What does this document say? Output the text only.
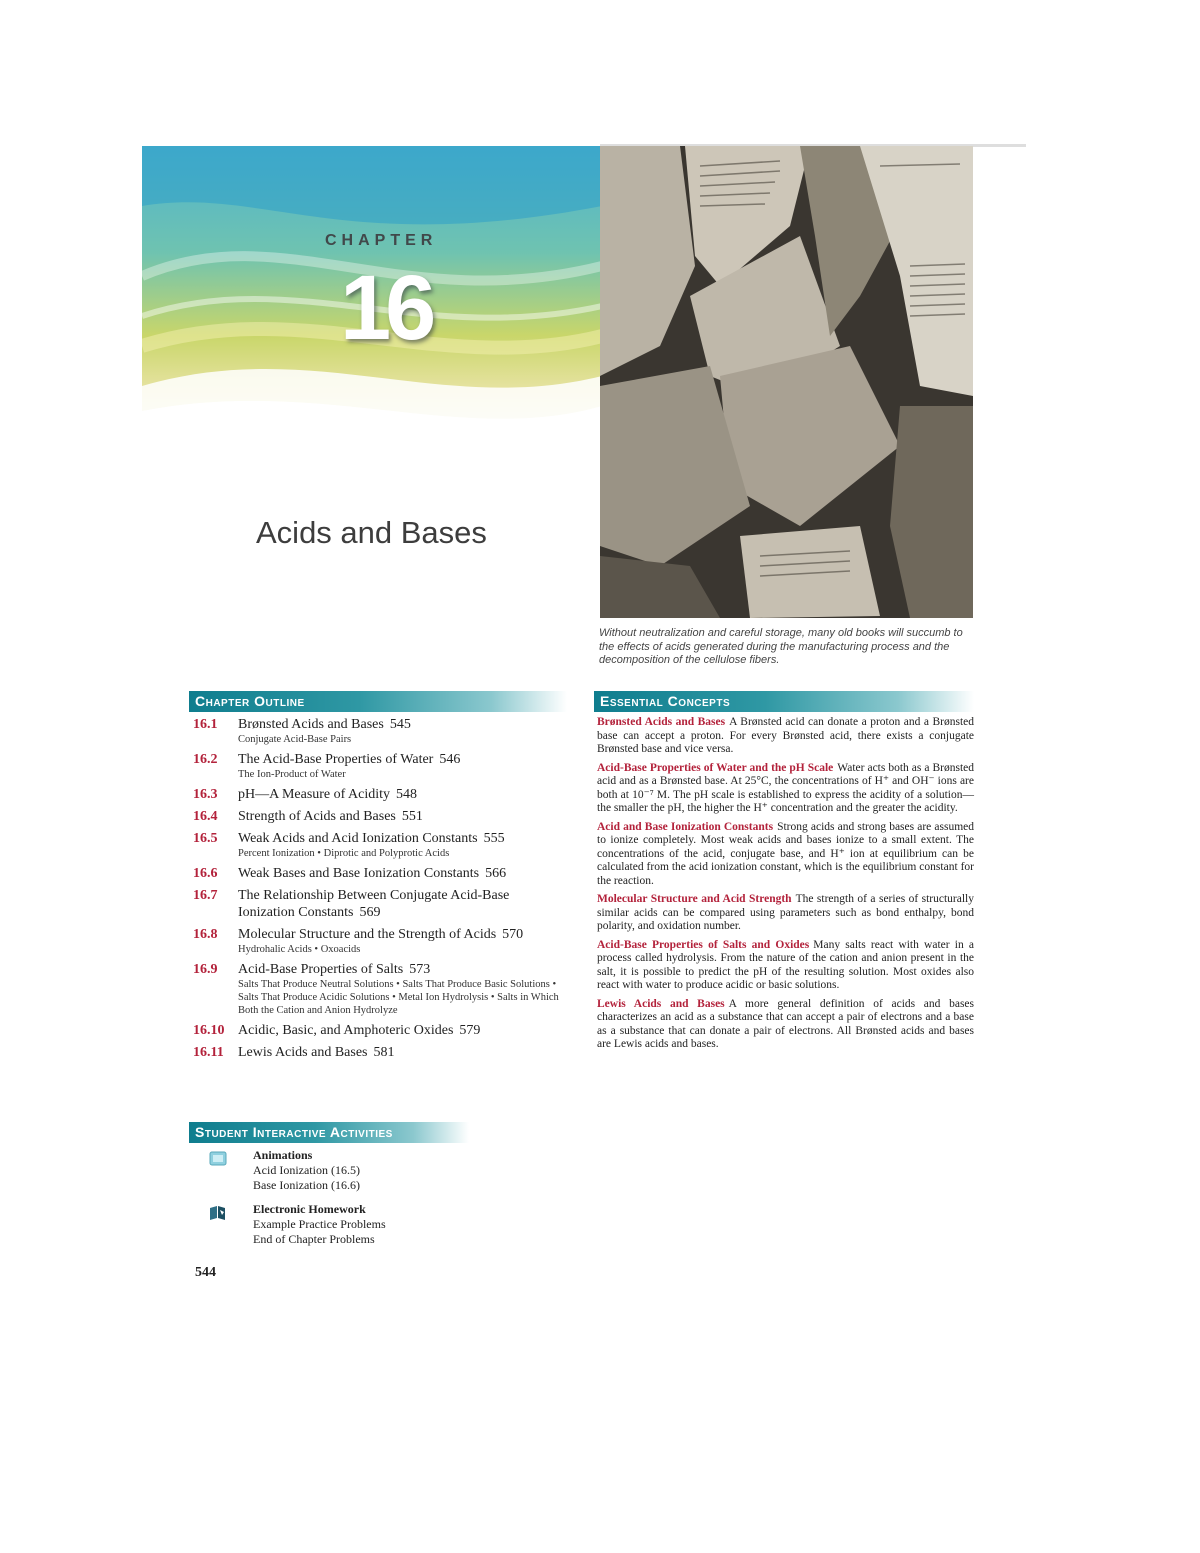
CHAPTER
16
Acids and Bases
Without neutralization and careful storage, many old books will succumb to the effects of acids generated during the manufacturing process and the decomposition of the cellulose fibers.
Chapter Outline
16.1 Brønsted Acids and Bases 545
Conjugate Acid-Base Pairs
16.2 The Acid-Base Properties of Water 546
The Ion-Product of Water
16.3 pH—A Measure of Acidity 548
16.4 Strength of Acids and Bases 551
16.5 Weak Acids and Acid Ionization Constants 555
Percent Ionization • Diprotic and Polyprotic Acids
16.6 Weak Bases and Base Ionization Constants 566
16.7 The Relationship Between Conjugate Acid-Base Ionization Constants 569
16.8 Molecular Structure and the Strength of Acids 570
Hydrohalic Acids • Oxoacids
16.9 Acid-Base Properties of Salts 573
Salts That Produce Neutral Solutions • Salts That Produce Basic Solutions • Salts That Produce Acidic Solutions • Metal Ion Hydrolysis • Salts in Which Both the Cation and Anion Hydrolyze
16.10 Acidic, Basic, and Amphoteric Oxides 579
16.11 Lewis Acids and Bases 581
Student Interactive Activities
Animations
Acid Ionization (16.5)
Base Ionization (16.6)
Electronic Homework
Example Practice Problems
End of Chapter Problems
544
Essential Concepts
Brønsted Acids and Bases A Brønsted acid can donate a proton and a Brønsted base can accept a proton. For every Brønsted acid, there exists a conjugate Brønsted base and vice versa.
Acid-Base Properties of Water and the pH Scale Water acts both as a Brønsted acid and as a Brønsted base. At 25°C, the concentrations of H⁺ and OH⁻ ions are both at 10⁻⁷ M. The pH scale is established to express the acidity of a solution—the smaller the pH, the higher the H⁺ concentration and the greater the acidity.
Acid and Base Ionization Constants Strong acids and strong bases are assumed to ionize completely. Most weak acids and bases ionize to a small extent. The concentrations of the acid, conjugate base, and H⁺ ion at equilibrium can be calculated from the acid ionization constant, which is the equilibrium constant for the reaction.
Molecular Structure and Acid Strength The strength of a series of structurally similar acids can be compared using parameters such as bond enthalpy, bond polarity, and oxidation number.
Acid-Base Properties of Salts and Oxides Many salts react with water in a process called hydrolysis. From the nature of the cation and anion present in the salt, it is possible to predict the pH of the resulting solution. Most oxides also react with water to produce acidic or basic solutions.
Lewis Acids and Bases A more general definition of acids and bases characterizes an acid as a substance that can accept a pair of electrons and a base as a substance that can donate a pair of electrons. All Brønsted acids and bases are Lewis acids and bases.
